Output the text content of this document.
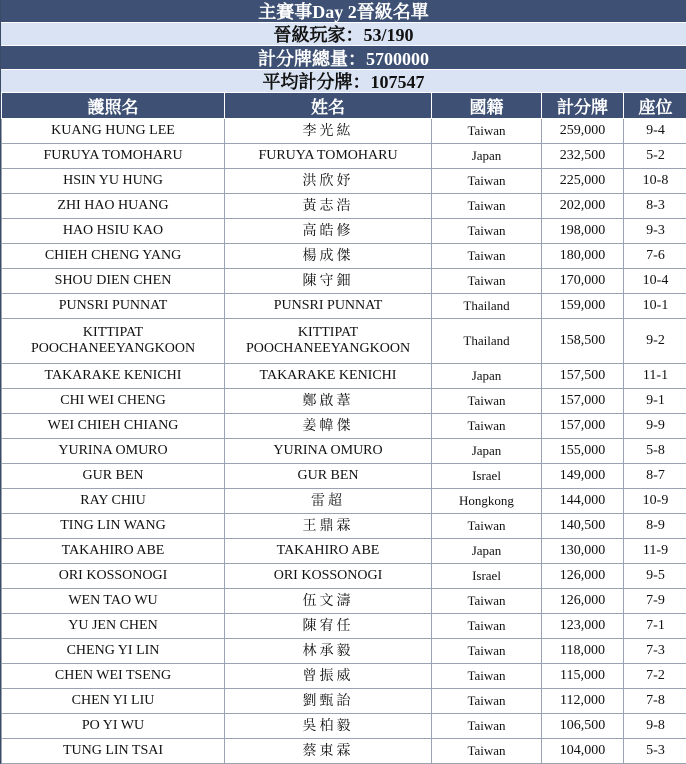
主賽事Day 2晉級名單
晉級玩家：53/190
計分牌總量：5700000
平均計分牌：107547
護照名	姓名	國籍	計分牌	座位
KUANG HUNG LEE	李光紘	Taiwan	259,000	9-4
FURUYA TOMOHARU	FURUYA TOMOHARU	Japan	232,500	5-2
HSIN YU HUNG	洪欣妤	Taiwan	225,000	10-8
ZHI HAO HUANG	黃志浩	Taiwan	202,000	8-3
HAO HSIU KAO	高皓修	Taiwan	198,000	9-3
CHIEH CHENG YANG	楊成傑	Taiwan	180,000	7-6
SHOU DIEN CHEN	陳守鈿	Taiwan	170,000	10-4
PUNSRI PUNNAT	PUNSRI PUNNAT	Thailand	159,000	10-1
KITTIPAT POOCHANEEYANGKOON	KITTIPAT POOCHANEEYANGKOON	Thailand	158,500	9-2
TAKARAKE KENICHI	TAKARAKE KENICHI	Japan	157,500	11-1
CHI WEI CHENG	鄭啟葦	Taiwan	157,000	9-1
WEI CHIEH CHIANG	姜幃傑	Taiwan	157,000	9-9
YURINA OMURO	YURINA OMURO	Japan	155,000	5-8
GUR BEN	GUR BEN	Israel	149,000	8-7
RAY CHIU	雷超	Hongkong	144,000	10-9
TING LIN WANG	王鼎霖	Taiwan	140,500	8-9
TAKAHIRO ABE	TAKAHIRO ABE	Japan	130,000	11-9
ORI KOSSONOGI	ORI KOSSONOGI	Israel	126,000	9-5
WEN TAO WU	伍文濤	Taiwan	126,000	7-9
YU JEN CHEN	陳宥任	Taiwan	123,000	7-1
CHENG YI LIN	林承毅	Taiwan	118,000	7-3
CHEN WEI TSENG	曾振威	Taiwan	115,000	7-2
CHEN YI LIU	劉甄詒	Taiwan	112,000	7-8
PO YI WU	吳柏毅	Taiwan	106,500	9-8
TUNG LIN TSAI	蔡東霖	Taiwan	104,000	5-3
